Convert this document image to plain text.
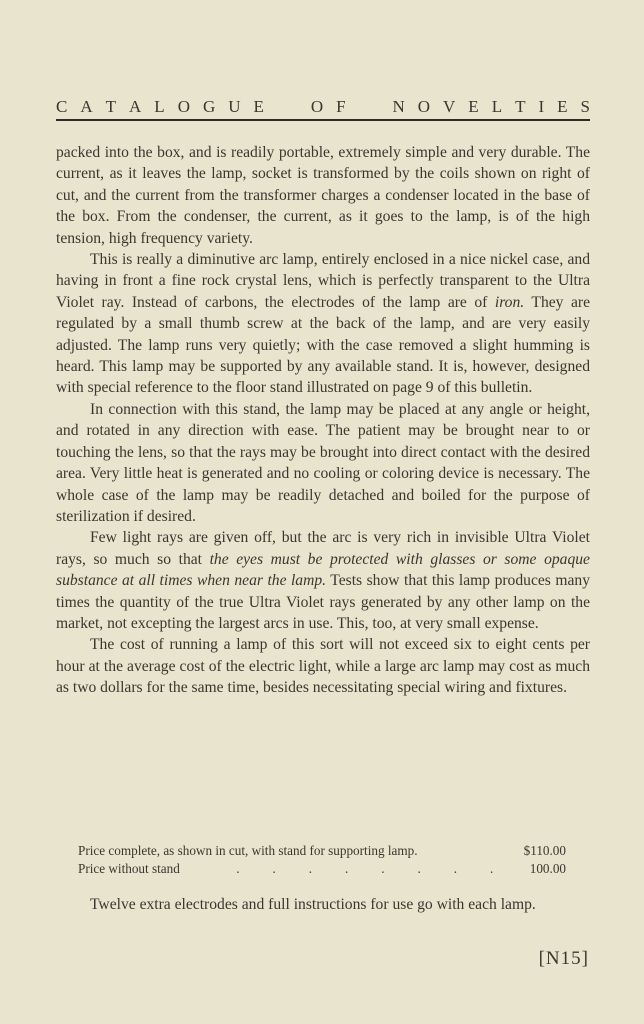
C A T A L O G U E	O F	N O V E L T I E S

packed into the box, and is readily portable, extremely simple and very durable. The current, as it leaves the lamp, socket is transformed by the coils shown on right of cut, and the current from the transformer charges a condenser located in the base of the box. From the condenser, the current, as it goes to the lamp, is of the high tension, high frequency variety.

This is really a diminutive arc lamp, entirely enclosed in a nice nickel case, and having in front a fine rock crystal lens, which is perfectly transparent to the Ultra Violet ray. Instead of carbons, the electrodes of the lamp are of iron. They are regulated by a small thumb screw at the back of the lamp, and are very easily adjusted. The lamp runs very quietly; with the case removed a slight humming is heard. This lamp may be supported by any available stand. It is, however, designed with special reference to the floor stand illustrated on page 9 of this bulletin.

In connection with this stand, the lamp may be placed at any angle or height, and rotated in any direction with ease. The patient may be brought near to or touching the lens, so that the rays may be brought into direct contact with the desired area. Very little heat is generated and no cooling or coloring device is necessary. The whole case of the lamp may be readily detached and boiled for the purpose of sterilization if desired.

Few light rays are given off, but the arc is very rich in invisible Ultra Violet rays, so much so that the eyes must be protected with glasses or some opaque substance at all times when near the lamp. Tests show that this lamp produces many times the quantity of the true Ultra Violet rays generated by any other lamp on the market, not excepting the largest arcs in use. This, too, at very small expense.

The cost of running a lamp of this sort will not exceed six to eight cents per hour at the average cost of the electric light, while a large arc lamp may cost as much as two dollars for the same time, besides necessitating special wiring and fixtures.

Price complete, as shown in cut, with stand for supporting lamp.	$110.00
Price without stand	. . . . . . . .	100.00

Twelve extra electrodes and full instructions for use go with each lamp.

[N15]
